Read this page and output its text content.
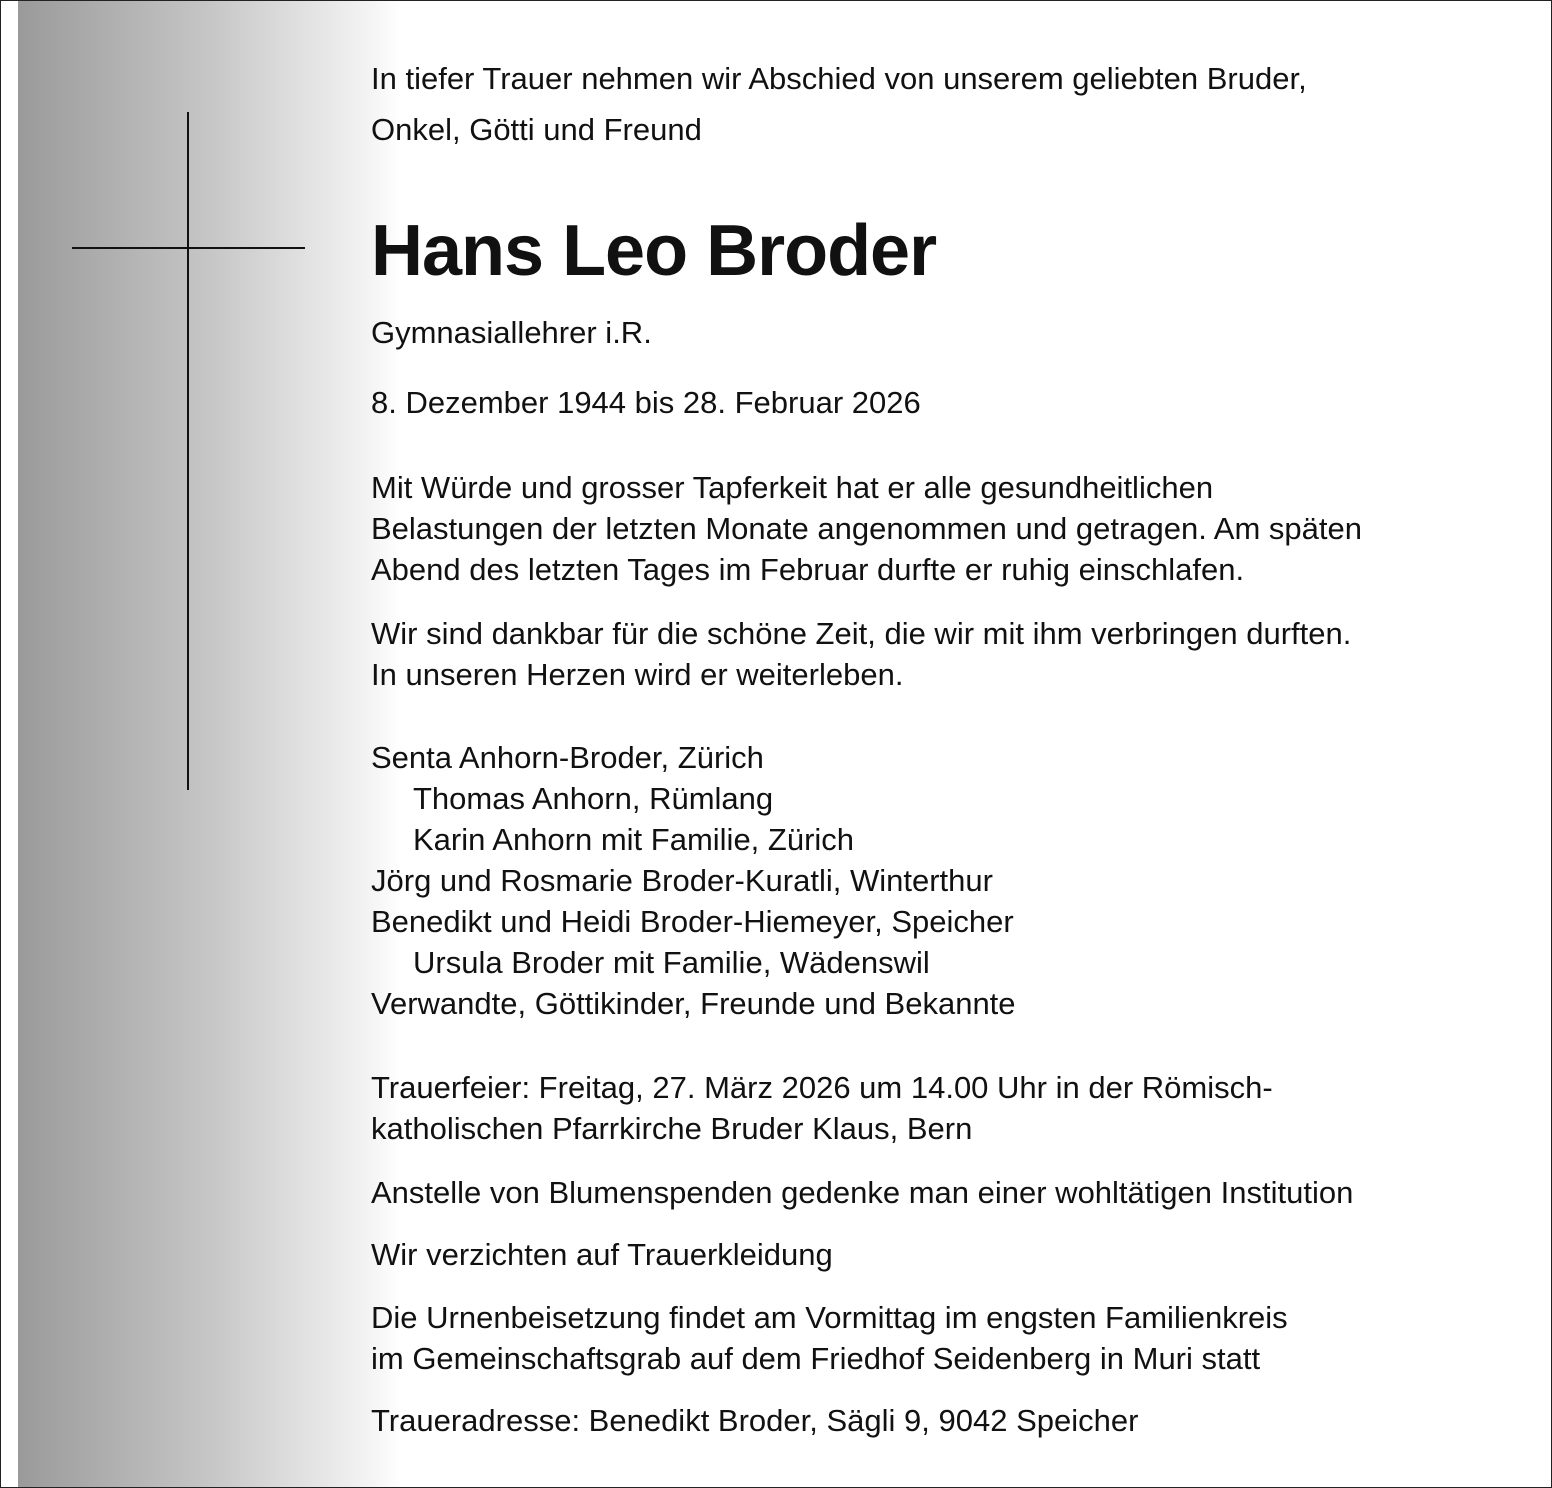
In tiefer Trauer nehmen wir Abschied von unserem geliebten Bruder,
Onkel, Götti und Freund
Hans Leo Broder
Gymnasiallehrer i.R.
8. Dezember 1944 bis 28. Februar 2026
Mit Würde und grosser Tapferkeit hat er alle gesundheitlichen
Belastungen der letzten Monate angenommen und getragen. Am späten
Abend des letzten Tages im Februar durfte er ruhig einschlafen.
Wir sind dankbar für die schöne Zeit, die wir mit ihm verbringen durften.
In unseren Herzen wird er weiterleben.
Senta Anhorn-Broder, Zürich
Thomas Anhorn, Rümlang
Karin Anhorn mit Familie, Zürich
Jörg und Rosmarie Broder-Kuratli, Winterthur
Benedikt und Heidi Broder-Hiemeyer, Speicher
Ursula Broder mit Familie, Wädenswil
Verwandte, Göttikinder, Freunde und Bekannte
Trauerfeier: Freitag, 27. März 2026 um 14.00 Uhr in der Römisch-
katholischen Pfarrkirche Bruder Klaus, Bern
Anstelle von Blumenspenden gedenke man einer wohltätigen Institution
Wir verzichten auf Trauerkleidung
Die Urnenbeisetzung findet am Vormittag im engsten Familienkreis
im Gemeinschaftsgrab auf dem Friedhof Seidenberg in Muri statt
Traueradresse: Benedikt Broder, Sägli 9, 9042 Speicher
